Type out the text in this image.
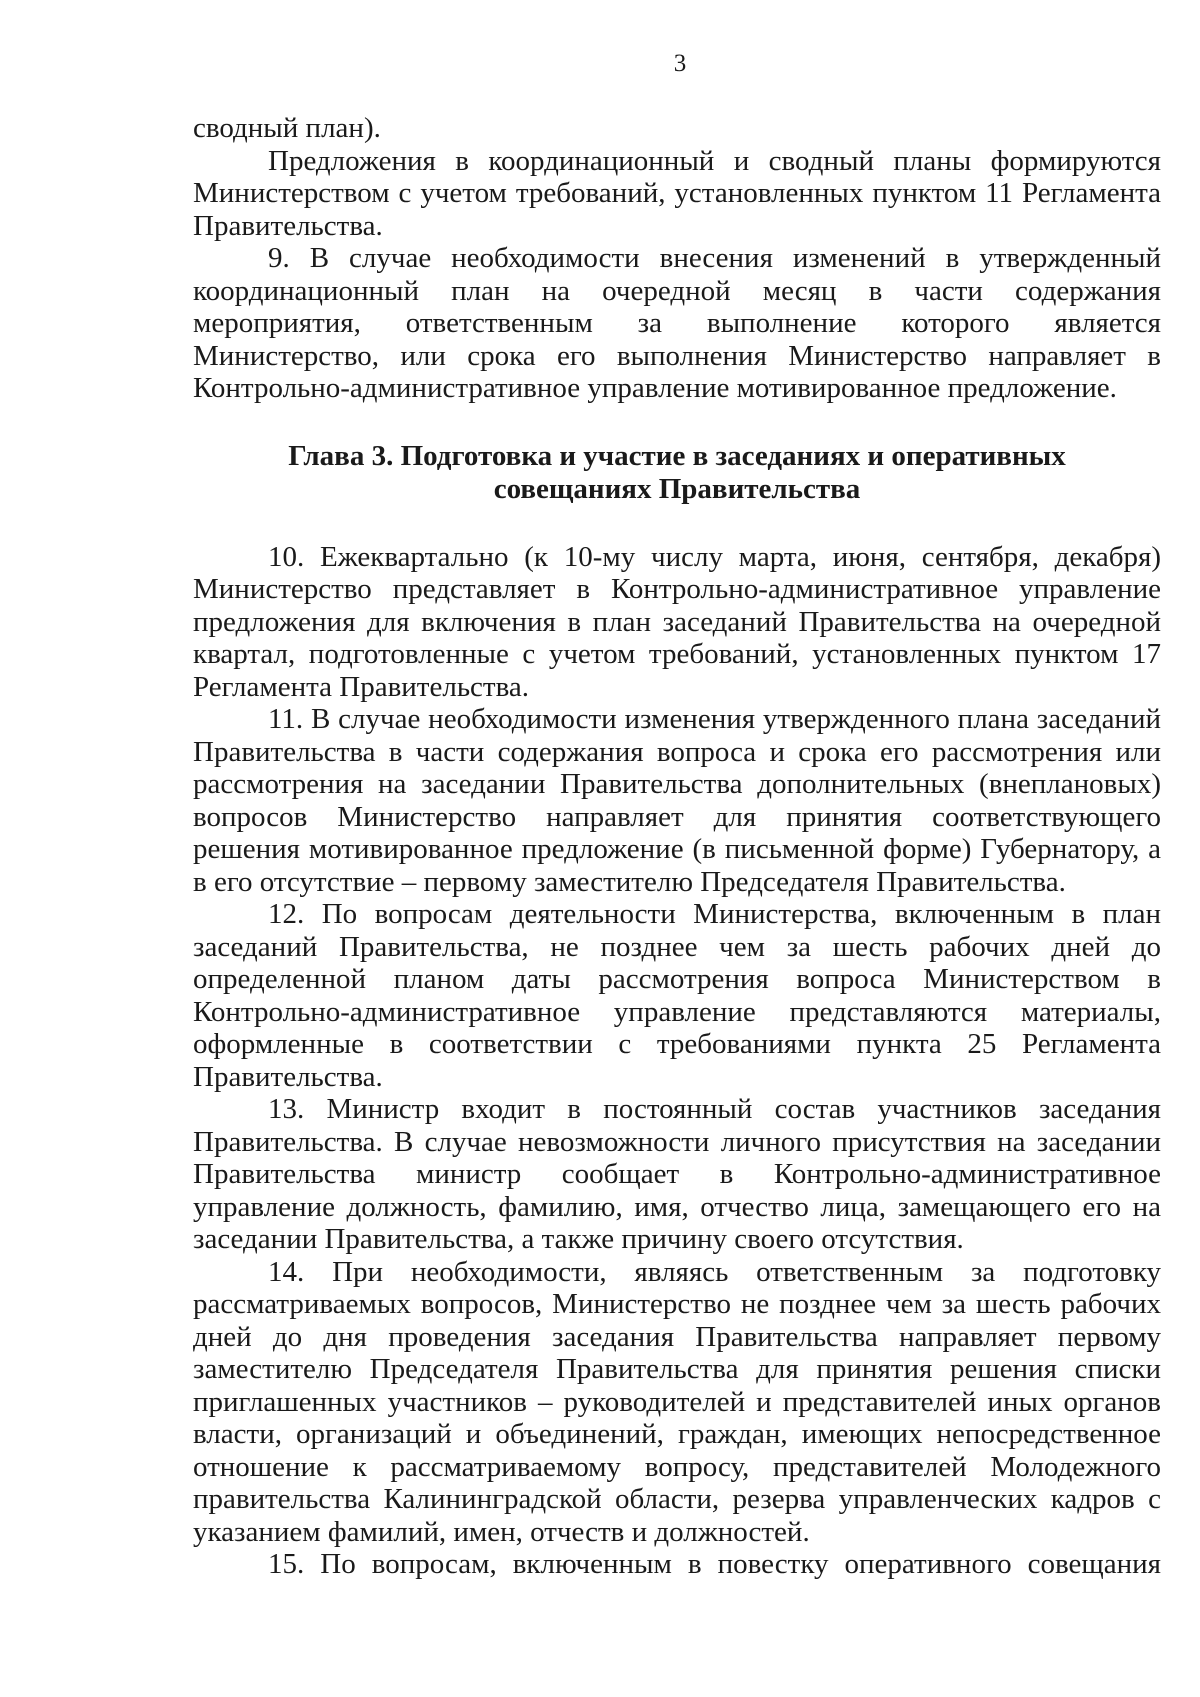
3

сводный план).

Предложения в координационный и сводный планы формируются Министерством с учетом требований, установленных пунктом 11 Регламента Правительства.

9. В случае необходимости внесения изменений в утвержденный координационный план на очередной месяц в части содержания мероприятия, ответственным за выполнение которого является Министерство, или срока его выполнения Министерство направляет в Контрольно-административное управление мотивированное предложение.

Глава 3. Подготовка и участие в заседаниях и оперативных
совещаниях Правительства

10. Ежеквартально (к 10-му числу марта, июня, сентября, декабря) Министерство представляет в Контрольно-административное управление предложения для включения в план заседаний Правительства на очередной квартал, подготовленные с учетом требований, установленных пунктом 17 Регламента Правительства.

11. В случае необходимости изменения утвержденного плана заседаний Правительства в части содержания вопроса и срока его рассмотрения или рассмотрения на заседании Правительства дополнительных (внеплановых) вопросов Министерство направляет для принятия соответствующего решения мотивированное предложение (в письменной форме) Губернатору, а в его отсутствие – первому заместителю Председателя Правительства.

12. По вопросам деятельности Министерства, включенным в план заседаний Правительства, не позднее чем за шесть рабочих дней до определенной планом даты рассмотрения вопроса Министерством в Контрольно-административное управление представляются материалы, оформленные в соответствии с требованиями пункта 25 Регламента Правительства.

13. Министр входит в постоянный состав участников заседания Правительства. В случае невозможности личного присутствия на заседании Правительства министр сообщает в Контрольно-административное управление должность, фамилию, имя, отчество лица, замещающего его на заседании Правительства, а также причину своего отсутствия.

14. При необходимости, являясь ответственным за подготовку рассматриваемых вопросов, Министерство не позднее чем за шесть рабочих дней до дня проведения заседания Правительства направляет первому заместителю Председателя Правительства для принятия решения списки приглашенных участников – руководителей и представителей иных органов власти, организаций и объединений, граждан, имеющих непосредственное отношение к рассматриваемому вопросу, представителей Молодежного правительства Калининградской области, резерва управленческих кадров с указанием фамилий, имен, отчеств и должностей.

15. По вопросам, включенным в повестку оперативного совещания
